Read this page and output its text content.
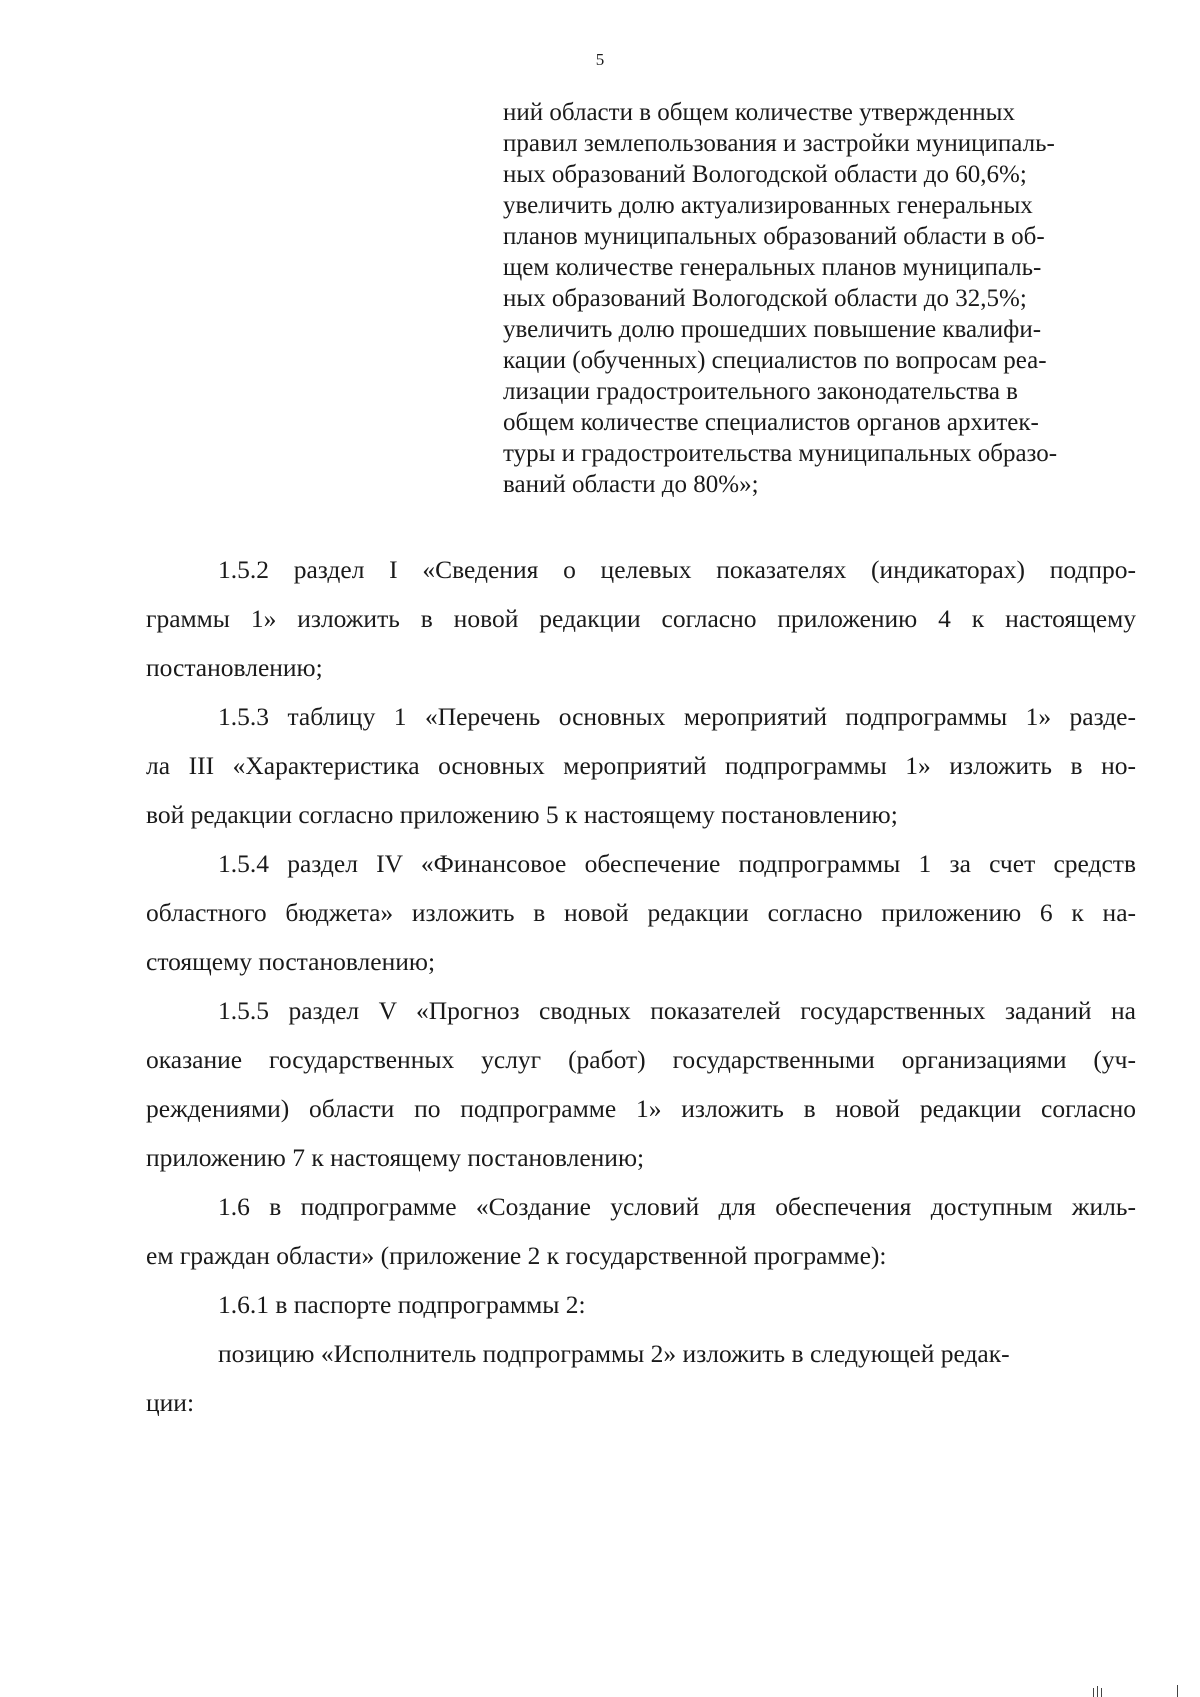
5
ний области в общем количестве утвержденных
правил землепользования и застройки муниципаль-
ных образований Вологодской области до 60,6%;
увеличить долю актуализированных генеральных
планов муниципальных образований области в об-
щем количестве генеральных планов муниципаль-
ных образований Вологодской области до 32,5%;
увеличить долю прошедших повышение квалифи-
кации (обученных) специалистов по вопросам реа-
лизации градостроительного законодательства в
общем количестве специалистов органов архитек-
туры и градостроительства муниципальных образо-
ваний области до 80%»;
1.5.2 раздел I «Сведения о целевых показателях (индикаторах) подпро-
граммы 1» изложить в новой редакции согласно приложению 4 к настоящему
постановлению;
1.5.3 таблицу 1 «Перечень основных мероприятий подпрограммы 1» разде-
ла III «Характеристика основных мероприятий подпрограммы 1» изложить в но-
вой редакции согласно приложению 5 к настоящему постановлению;
1.5.4 раздел IV «Финансовое обеспечение подпрограммы 1 за счет средств
областного бюджета» изложить в новой редакции согласно приложению 6 к на-
стоящему постановлению;
1.5.5 раздел V «Прогноз сводных показателей государственных заданий на
оказание государственных услуг (работ) государственными организациями (уч-
реждениями) области по подпрограмме 1» изложить в новой редакции согласно
приложению 7 к настоящему постановлению;
1.6 в подпрограмме «Создание условий для обеспечения доступным жиль-
ем граждан области» (приложение 2 к государственной программе):
1.6.1 в паспорте подпрограммы 2:
позицию «Исполнитель подпрограммы 2» изложить в следующей редак-
ции:
